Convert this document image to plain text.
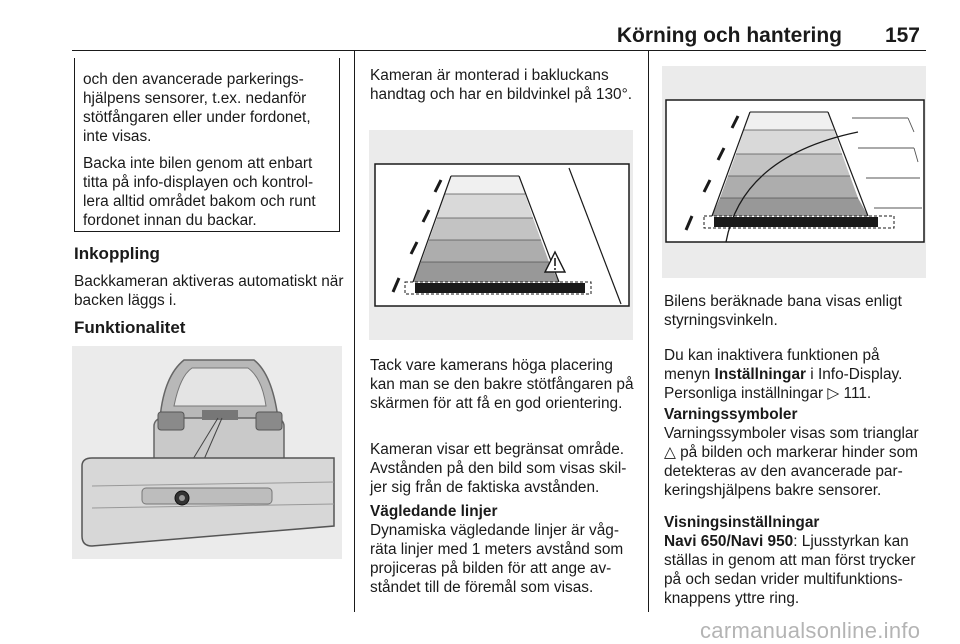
Körning och hantering 157

och den avancerade parkeringshjälpens sensorer, t.ex. nedanför stötfångaren eller under fordonet, inte visas.

Backa inte bilen genom att enbart titta på info-displayen och kontrollera alltid området bakom och runt fordonet innan du backar.

Inkoppling

Backkameran aktiveras automatiskt när backen läggs i.

Funktionalitet

Kameran är monterad i bakluckans handtag och har en bildvinkel på 130°.

Tack vare kamerans höga placering kan man se den bakre stötfångaren på skärmen för att få en god orientering.

Kameran visar ett begränsat område. Avstånden på den bild som visas skiljer sig från de faktiska avstånden.

Vägledande linjer

Dynamiska vägledande linjer är vågräta linjer med 1 meters avstånd som projiceras på bilden för att ange avståndet till de föremål som visas.

Bilens beräknade bana visas enligt styrningsvinkeln.

Du kan inaktivera funktionen på menyn Inställningar i Info-Display. Personliga inställningar ▷ 111.

Varningssymboler

Varningssymboler visas som trianglar △ på bilden och markerar hinder som detekteras av den avancerade parkeringshjälpens bakre sensorer.

Visningsinställningar

Navi 650/Navi 950: Ljusstyrkan kan ställas in genom att man först trycker på och sedan vrider multifunktionsknappens yttre ring.

carmanualsonline.info
